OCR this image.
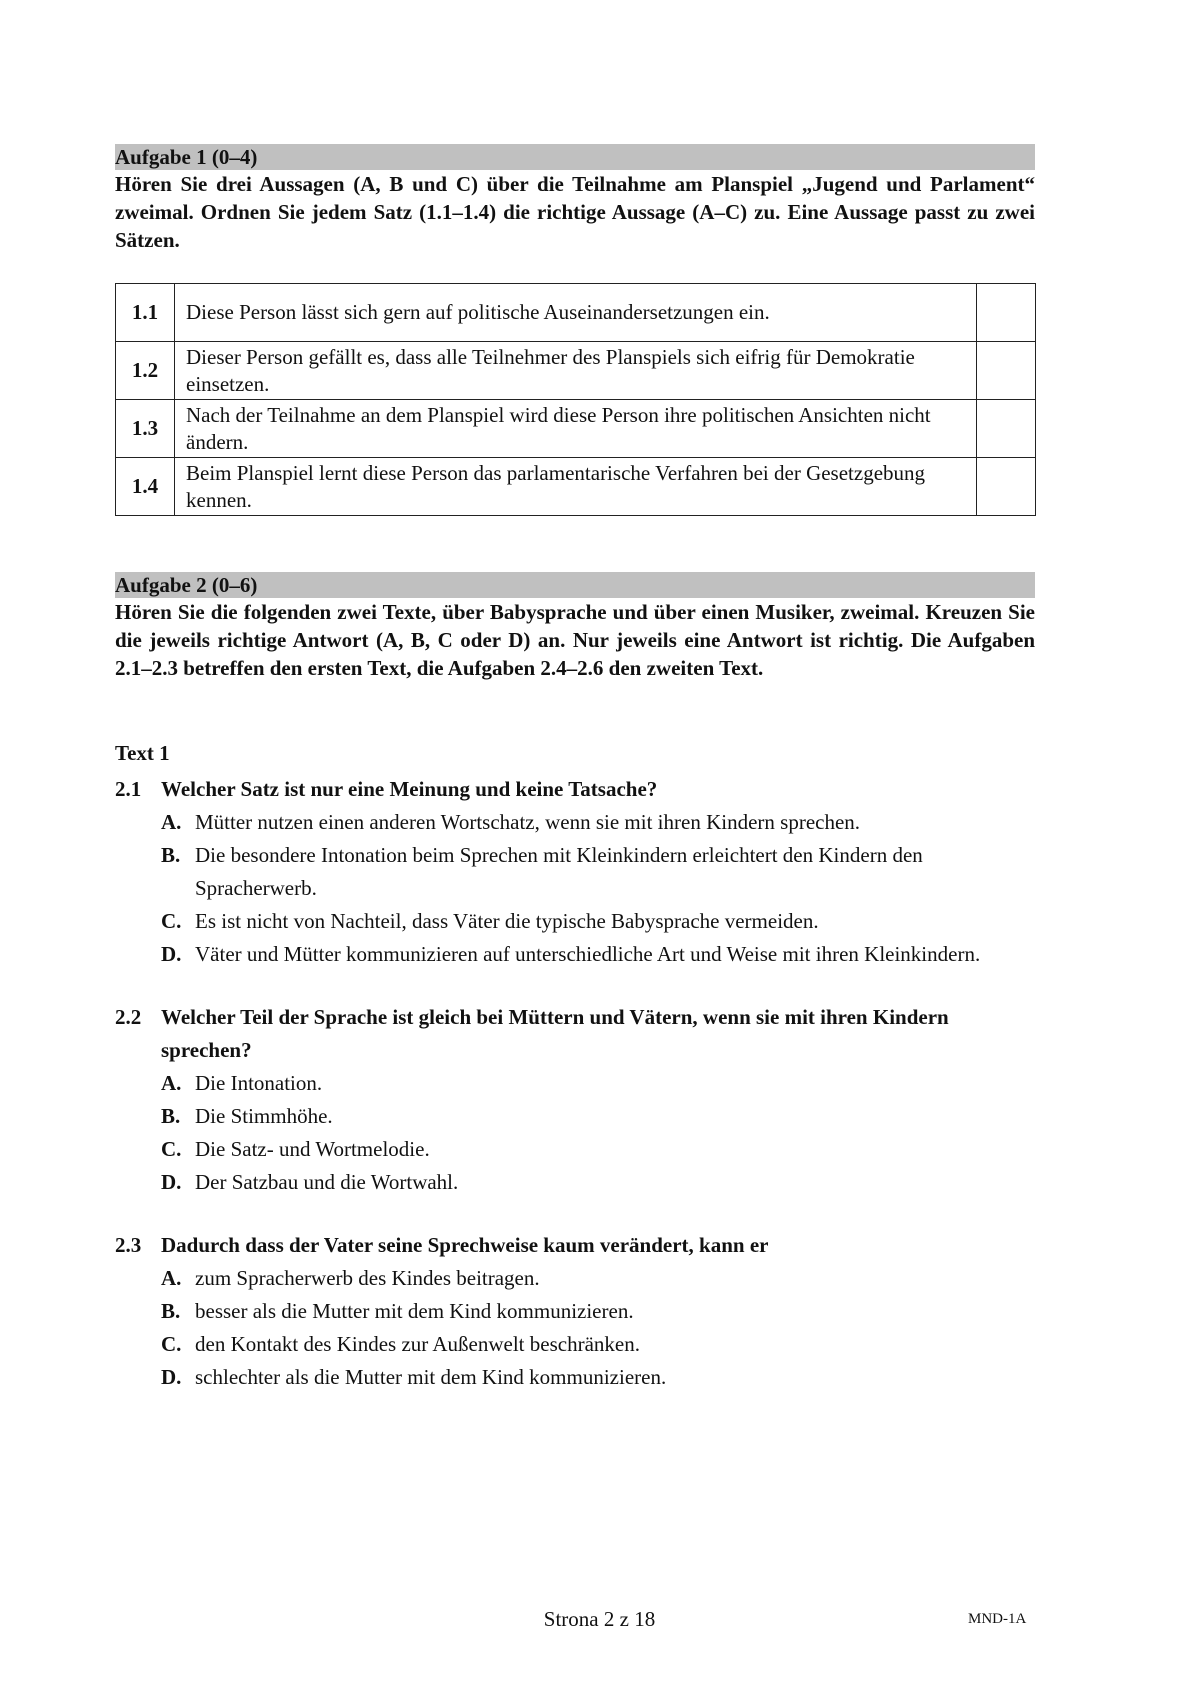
Aufgabe 1 (0–4)
Hören Sie drei Aussagen (A, B und C) über die Teilnahme am Planspiel „Jugend und Parlament“ zweimal. Ordnen Sie jedem Satz (1.1–1.4) die richtige Aussage (A–C) zu. Eine Aussage passt zu zwei Sätzen.
1.1	Diese Person lässt sich gern auf politische Auseinandersetzungen ein.	
1.2	Dieser Person gefällt es, dass alle Teilnehmer des Planspiels sich eifrig für Demokratie einsetzen.	
1.3	Nach der Teilnahme an dem Planspiel wird diese Person ihre politischen Ansichten nicht ändern.	
1.4	Beim Planspiel lernt diese Person das parlamentarische Verfahren bei der Gesetzgebung kennen.	
Aufgabe 2 (0–6)
Hören Sie die folgenden zwei Texte, über Babysprache und über einen Musiker, zweimal. Kreuzen Sie die jeweils richtige Antwort (A, B, C oder D) an. Nur jeweils eine Antwort ist richtig. Die Aufgaben 2.1–2.3 betreffen den ersten Text, die Aufgaben 2.4–2.6 den zweiten Text.
Text 1
2.1 Welcher Satz ist nur eine Meinung und keine Tatsache?
A. Mütter nutzen einen anderen Wortschatz, wenn sie mit ihren Kindern sprechen.
B. Die besondere Intonation beim Sprechen mit Kleinkindern erleichtert den Kindern den Spracherwerb.
C. Es ist nicht von Nachteil, dass Väter die typische Babysprache vermeiden.
D. Väter und Mütter kommunizieren auf unterschiedliche Art und Weise mit ihren Kleinkindern.
2.2 Welcher Teil der Sprache ist gleich bei Müttern und Vätern, wenn sie mit ihren Kindern sprechen?
A. Die Intonation.
B. Die Stimmhöhe.
C. Die Satz- und Wortmelodie.
D. Der Satzbau und die Wortwahl.
2.3 Dadurch dass der Vater seine Sprechweise kaum verändert, kann er
A. zum Spracherwerb des Kindes beitragen.
B. besser als die Mutter mit dem Kind kommunizieren.
C. den Kontakt des Kindes zur Außenwelt beschränken.
D. schlechter als die Mutter mit dem Kind kommunizieren.
Strona 2 z 18	MND-1A
